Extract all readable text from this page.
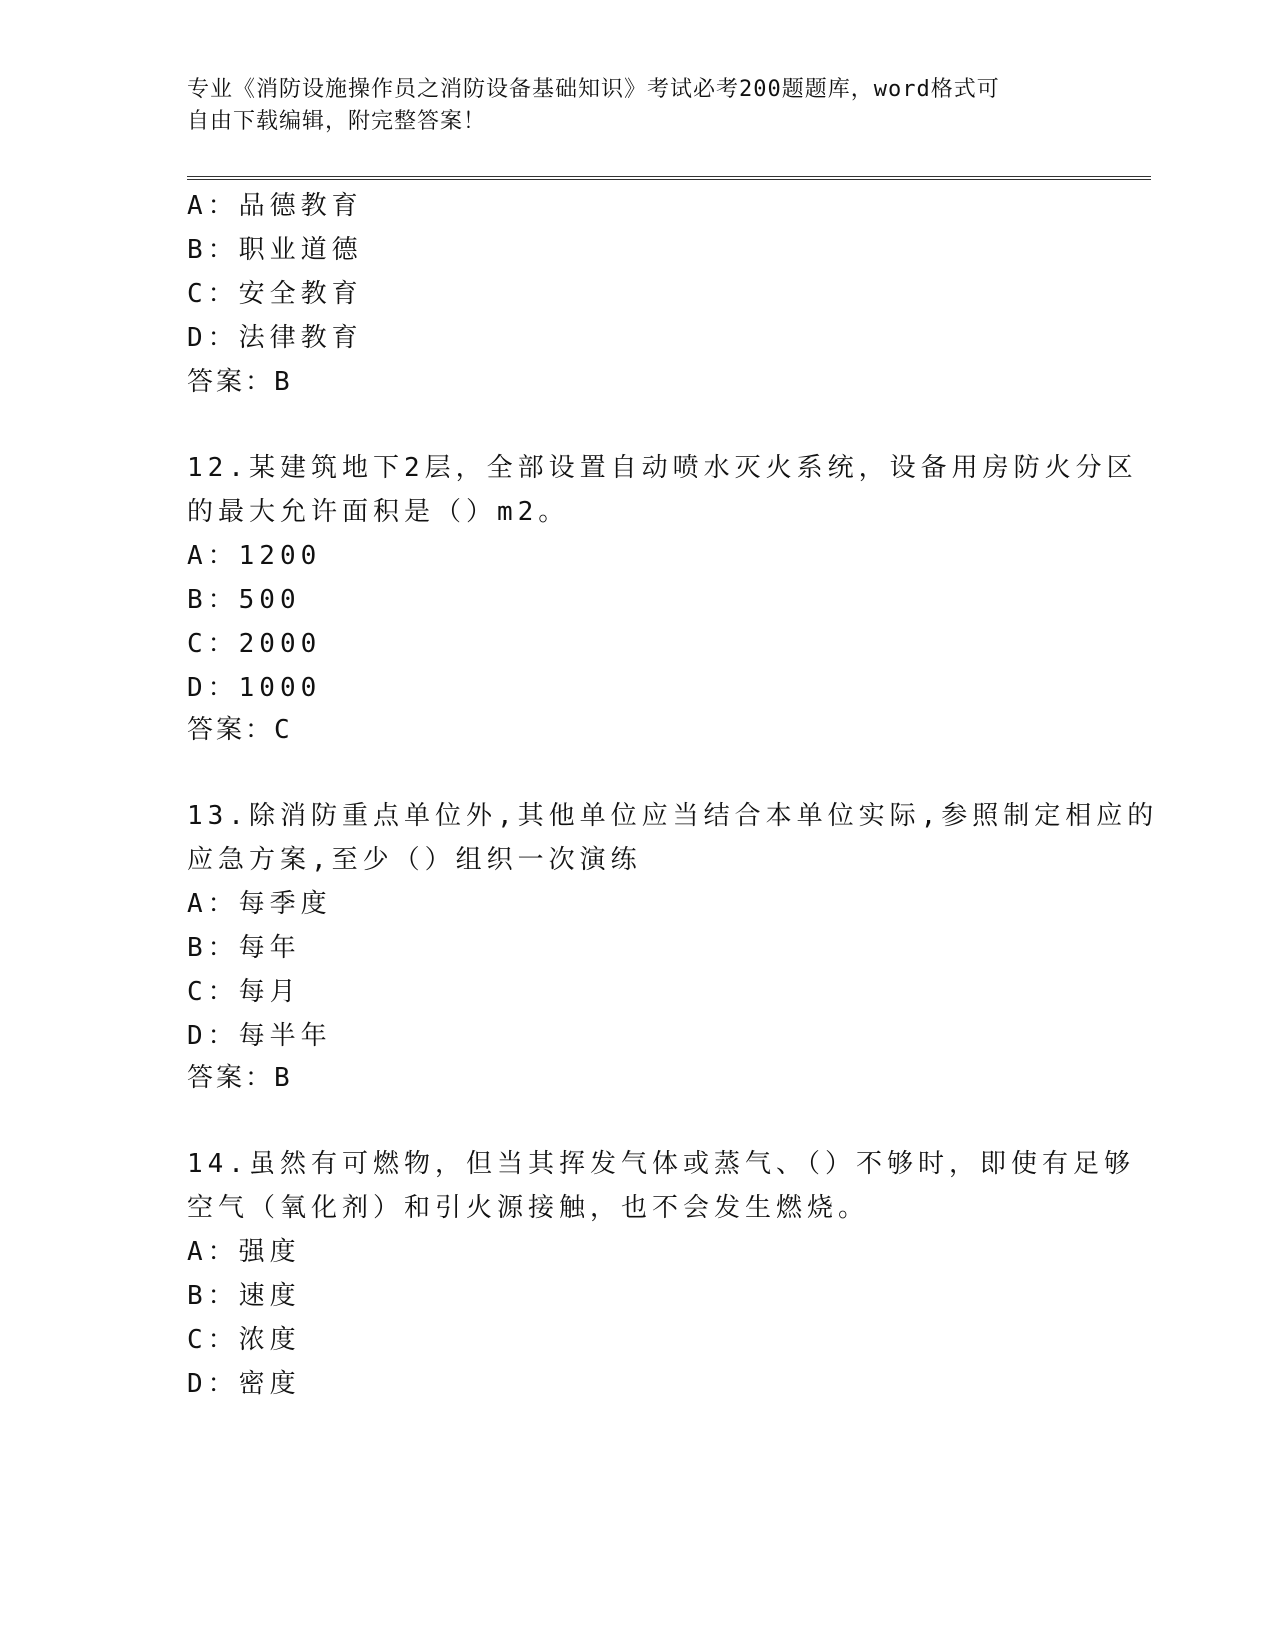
专业《消防设施操作员之消防设备基础知识》考试必考200题题库，word格式可
自由下载编辑，附完整答案！
A：品德教育
B：职业道德
C：安全教育
D：法律教育
答案：B
12.某建筑地下2层，全部设置自动喷水灭火系统，设备用房防火分区
的最大允许面积是（）m2。
A：1200
B：500
C：2000
D：1000
答案：C
13.除消防重点单位外,其他单位应当结合本单位实际,参照制定相应的
应急方案,至少（）组织一次演练
A：每季度
B：每年
C：每月
D：每半年
答案：B
14.虽然有可燃物，但当其挥发气体或蒸气、（）不够时，即使有足够
空气（氧化剂）和引火源接触，也不会发生燃烧。
A：强度
B：速度
C：浓度
D：密度
